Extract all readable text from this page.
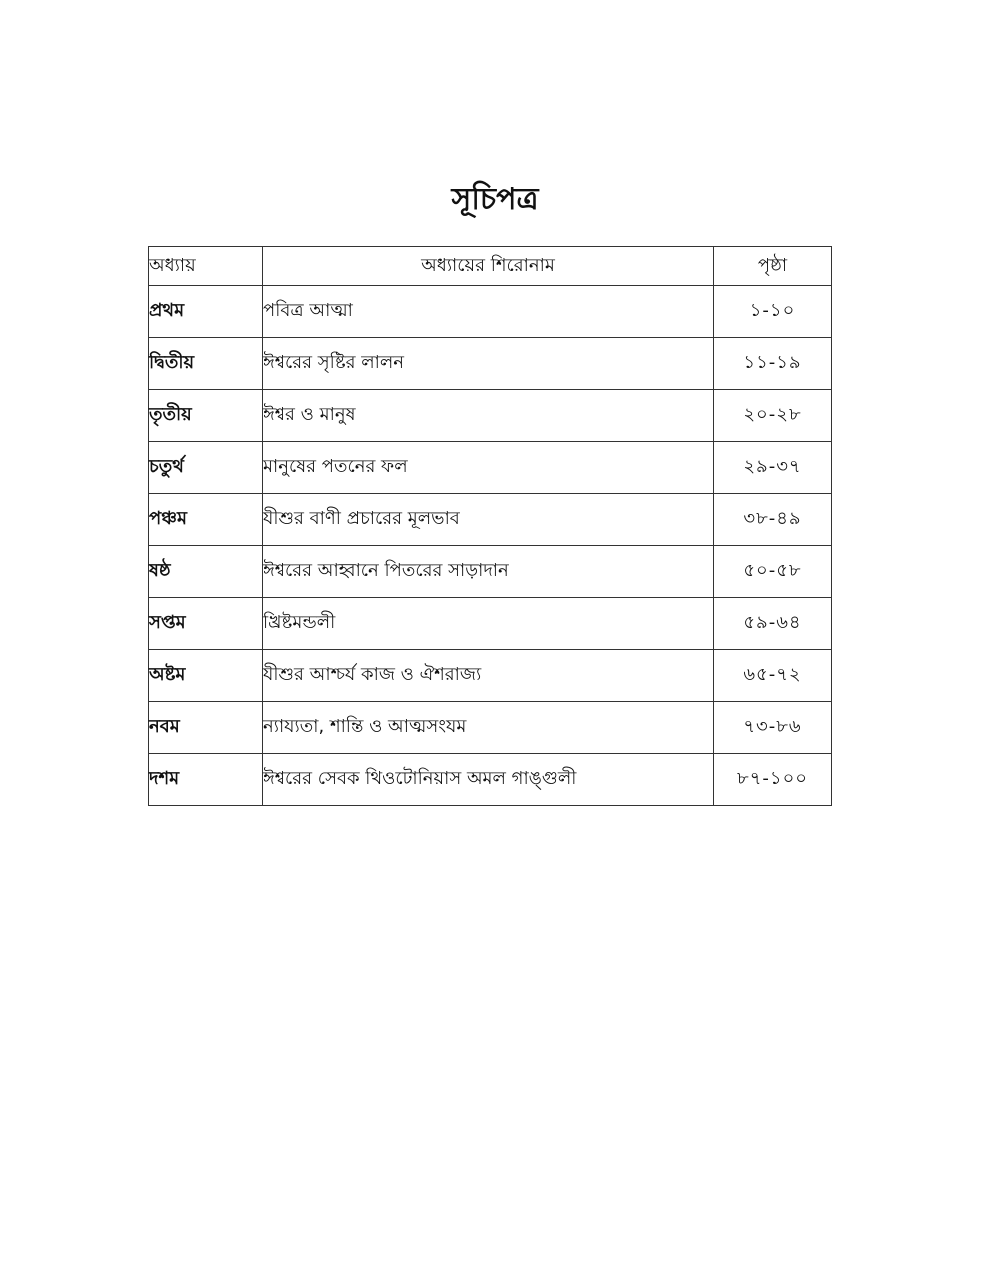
সূচিপত্র
অধ্যায়	অধ্যায়ের শিরোনাম	পৃষ্ঠা
প্রথম	পবিত্র আত্মা	১-১০
দ্বিতীয়	ঈশ্বরের সৃষ্টির লালন	১১-১৯
তৃতীয়	ঈশ্বর ও মানুষ	২০-২৮
চতুর্থ	মানুষের পতনের ফল	২৯-৩৭
পঞ্চম	যীশুর বাণী প্রচারের মূলভাব	৩৮-৪৯
ষষ্ঠ	ঈশ্বরের আহ্বানে পিতরের সাড়াদান	৫০-৫৮
সপ্তম	খ্রিষ্টমন্ডলী	৫৯-৬৪
অষ্টম	যীশুর আশ্চর্য কাজ ও ঐশরাজ্য	৬৫-৭২
নবম	ন্যায্যতা, শান্তি ও আত্মসংযম	৭৩-৮৬
দশম	ঈশ্বরের সেবক থিওটোনিয়াস অমল গাঙ্গুলী	৮৭-১০০
